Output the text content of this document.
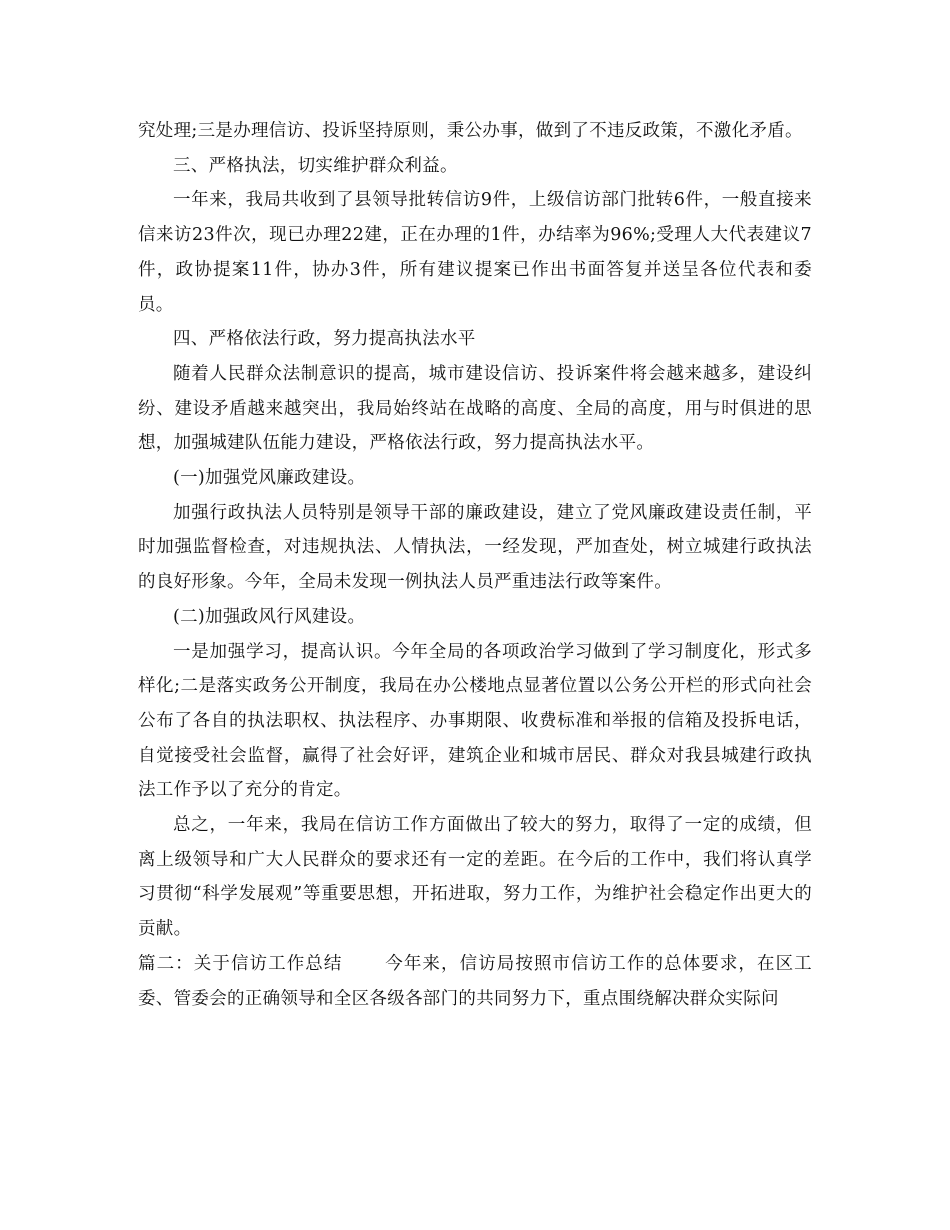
究处理;三是办理信访、投诉坚持原则，秉公办事，做到了不违反政策，不激化矛盾。

三、严格执法，切实维护群众利益。

一年来，我局共收到了县领导批转信访9件，上级信访部门批转6件，一般直接来信来访23件次，现已办理22建，正在办理的1件，办结率为96%;受理人大代表建议7件，政协提案11件，协办3件，所有建议提案已作出书面答复并送呈各位代表和委员。

四、严格依法行政，努力提高执法水平

随着人民群众法制意识的提高，城市建设信访、投诉案件将会越来越多，建设纠纷、建设矛盾越来越突出，我局始终站在战略的高度、全局的高度，用与时俱进的思想，加强城建队伍能力建设，严格依法行政，努力提高执法水平。

(一)加强党风廉政建设。

加强行政执法人员特别是领导干部的廉政建设，建立了党风廉政建设责任制，平时加强监督检查，对违规执法、人情执法，一经发现，严加查处，树立城建行政执法的良好形象。今年，全局未发现一例执法人员严重违法行政等案件。

(二)加强政风行风建设。

一是加强学习，提高认识。今年全局的各项政治学习做到了学习制度化，形式多样化;二是落实政务公开制度，我局在办公楼地点显著位置以公务公开栏的形式向社会公布了各自的执法职权、执法程序、办事期限、收费标准和举报的信箱及投拆电话，自觉接受社会监督，赢得了社会好评，建筑企业和城市居民、群众对我县城建行政执法工作予以了充分的肯定。

总之，一年来，我局在信访工作方面做出了较大的努力，取得了一定的成绩，但离上级领导和广大人民群众的要求还有一定的差距。在今后的工作中，我们将认真学习贯彻“科学发展观”等重要思想，开拓进取，努力工作，为维护社会稳定作出更大的贡献。

篇二：关于信访工作总结 今年来，信访局按照市信访工作的总体要求，在区工委、管委会的正确领导和全区各级各部门的共同努力下，重点围绕解决群众实际问
